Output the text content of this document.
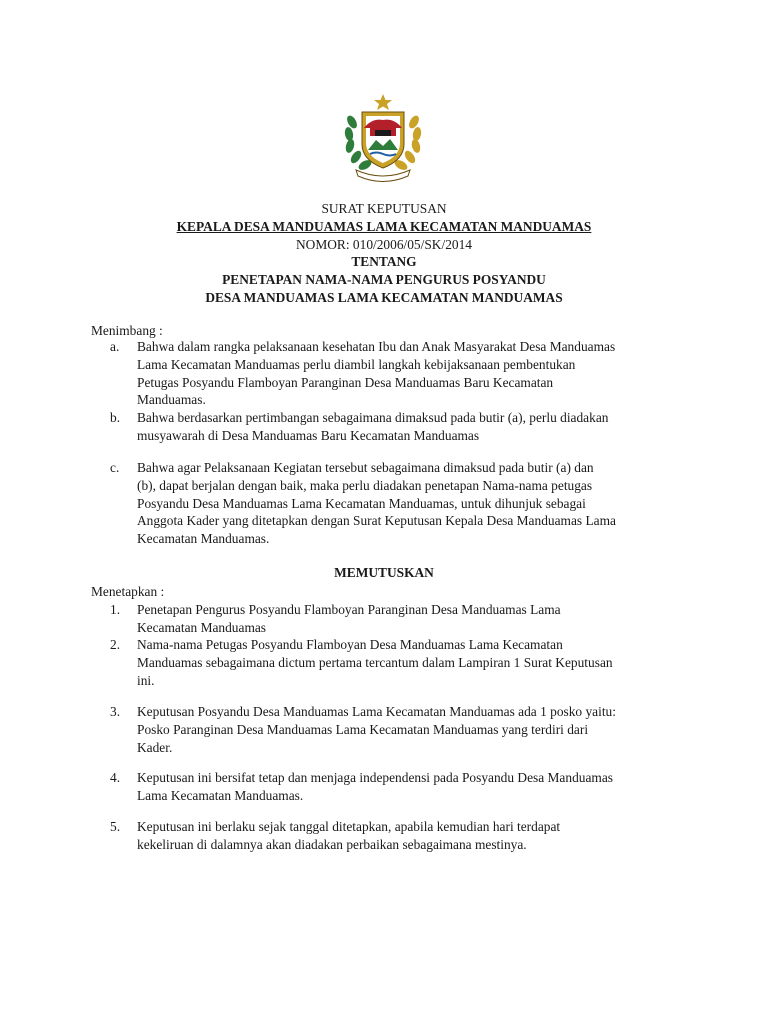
SURAT KEPUTUSAN
KEPALA DESA MANDUAMAS LAMA KECAMATAN MANDUAMAS
NOMOR: 010/2006/05/SK/2014
TENTANG
PENETAPAN NAMA-NAMA PENGURUS POSYANDU
DESA MANDUAMAS LAMA KECAMATAN MANDUAMAS
Menimbang :
a.	Bahwa dalam rangka pelaksanaan kesehatan Ibu dan Anak Masyarakat Desa Manduamas
Lama Kecamatan Manduamas perlu diambil langkah kebijaksanaan pembentukan
Petugas Posyandu Flamboyan Paranginan Desa Manduamas Baru Kecamatan
Manduamas.
b.	Bahwa berdasarkan pertimbangan sebagaimana dimaksud pada butir (a), perlu diadakan
musyawarah di Desa Manduamas Baru Kecamatan Manduamas
c.	Bahwa agar Pelaksanaan Kegiatan tersebut sebagaimana dimaksud pada butir (a) dan
(b), dapat berjalan dengan baik, maka perlu diadakan penetapan Nama-nama petugas
Posyandu Desa Manduamas Lama Kecamatan Manduamas, untuk dihunjuk sebagai
Anggota Kader yang ditetapkan dengan Surat Keputusan Kepala Desa Manduamas Lama
Kecamatan Manduamas.
MEMUTUSKAN
Menetapkan :
1.	Penetapan Pengurus Posyandu Flamboyan Paranginan Desa Manduamas Lama
Kecamatan Manduamas
2.	Nama-nama Petugas Posyandu Flamboyan Desa Manduamas Lama Kecamatan
Manduamas sebagaimana dictum pertama tercantum dalam Lampiran 1 Surat Keputusan
ini.
3.	Keputusan Posyandu Desa Manduamas Lama Kecamatan Manduamas ada 1 posko yaitu:
Posko Paranginan Desa Manduamas Lama Kecamatan Manduamas yang terdiri dari
Kader.
4.	Keputusan ini bersifat tetap dan menjaga independensi pada Posyandu Desa Manduamas
Lama Kecamatan Manduamas.
5.	Keputusan ini berlaku sejak tanggal ditetapkan, apabila kemudian hari terdapat
kekeliruan di dalamnya akan diadakan perbaikan sebagaimana mestinya.
